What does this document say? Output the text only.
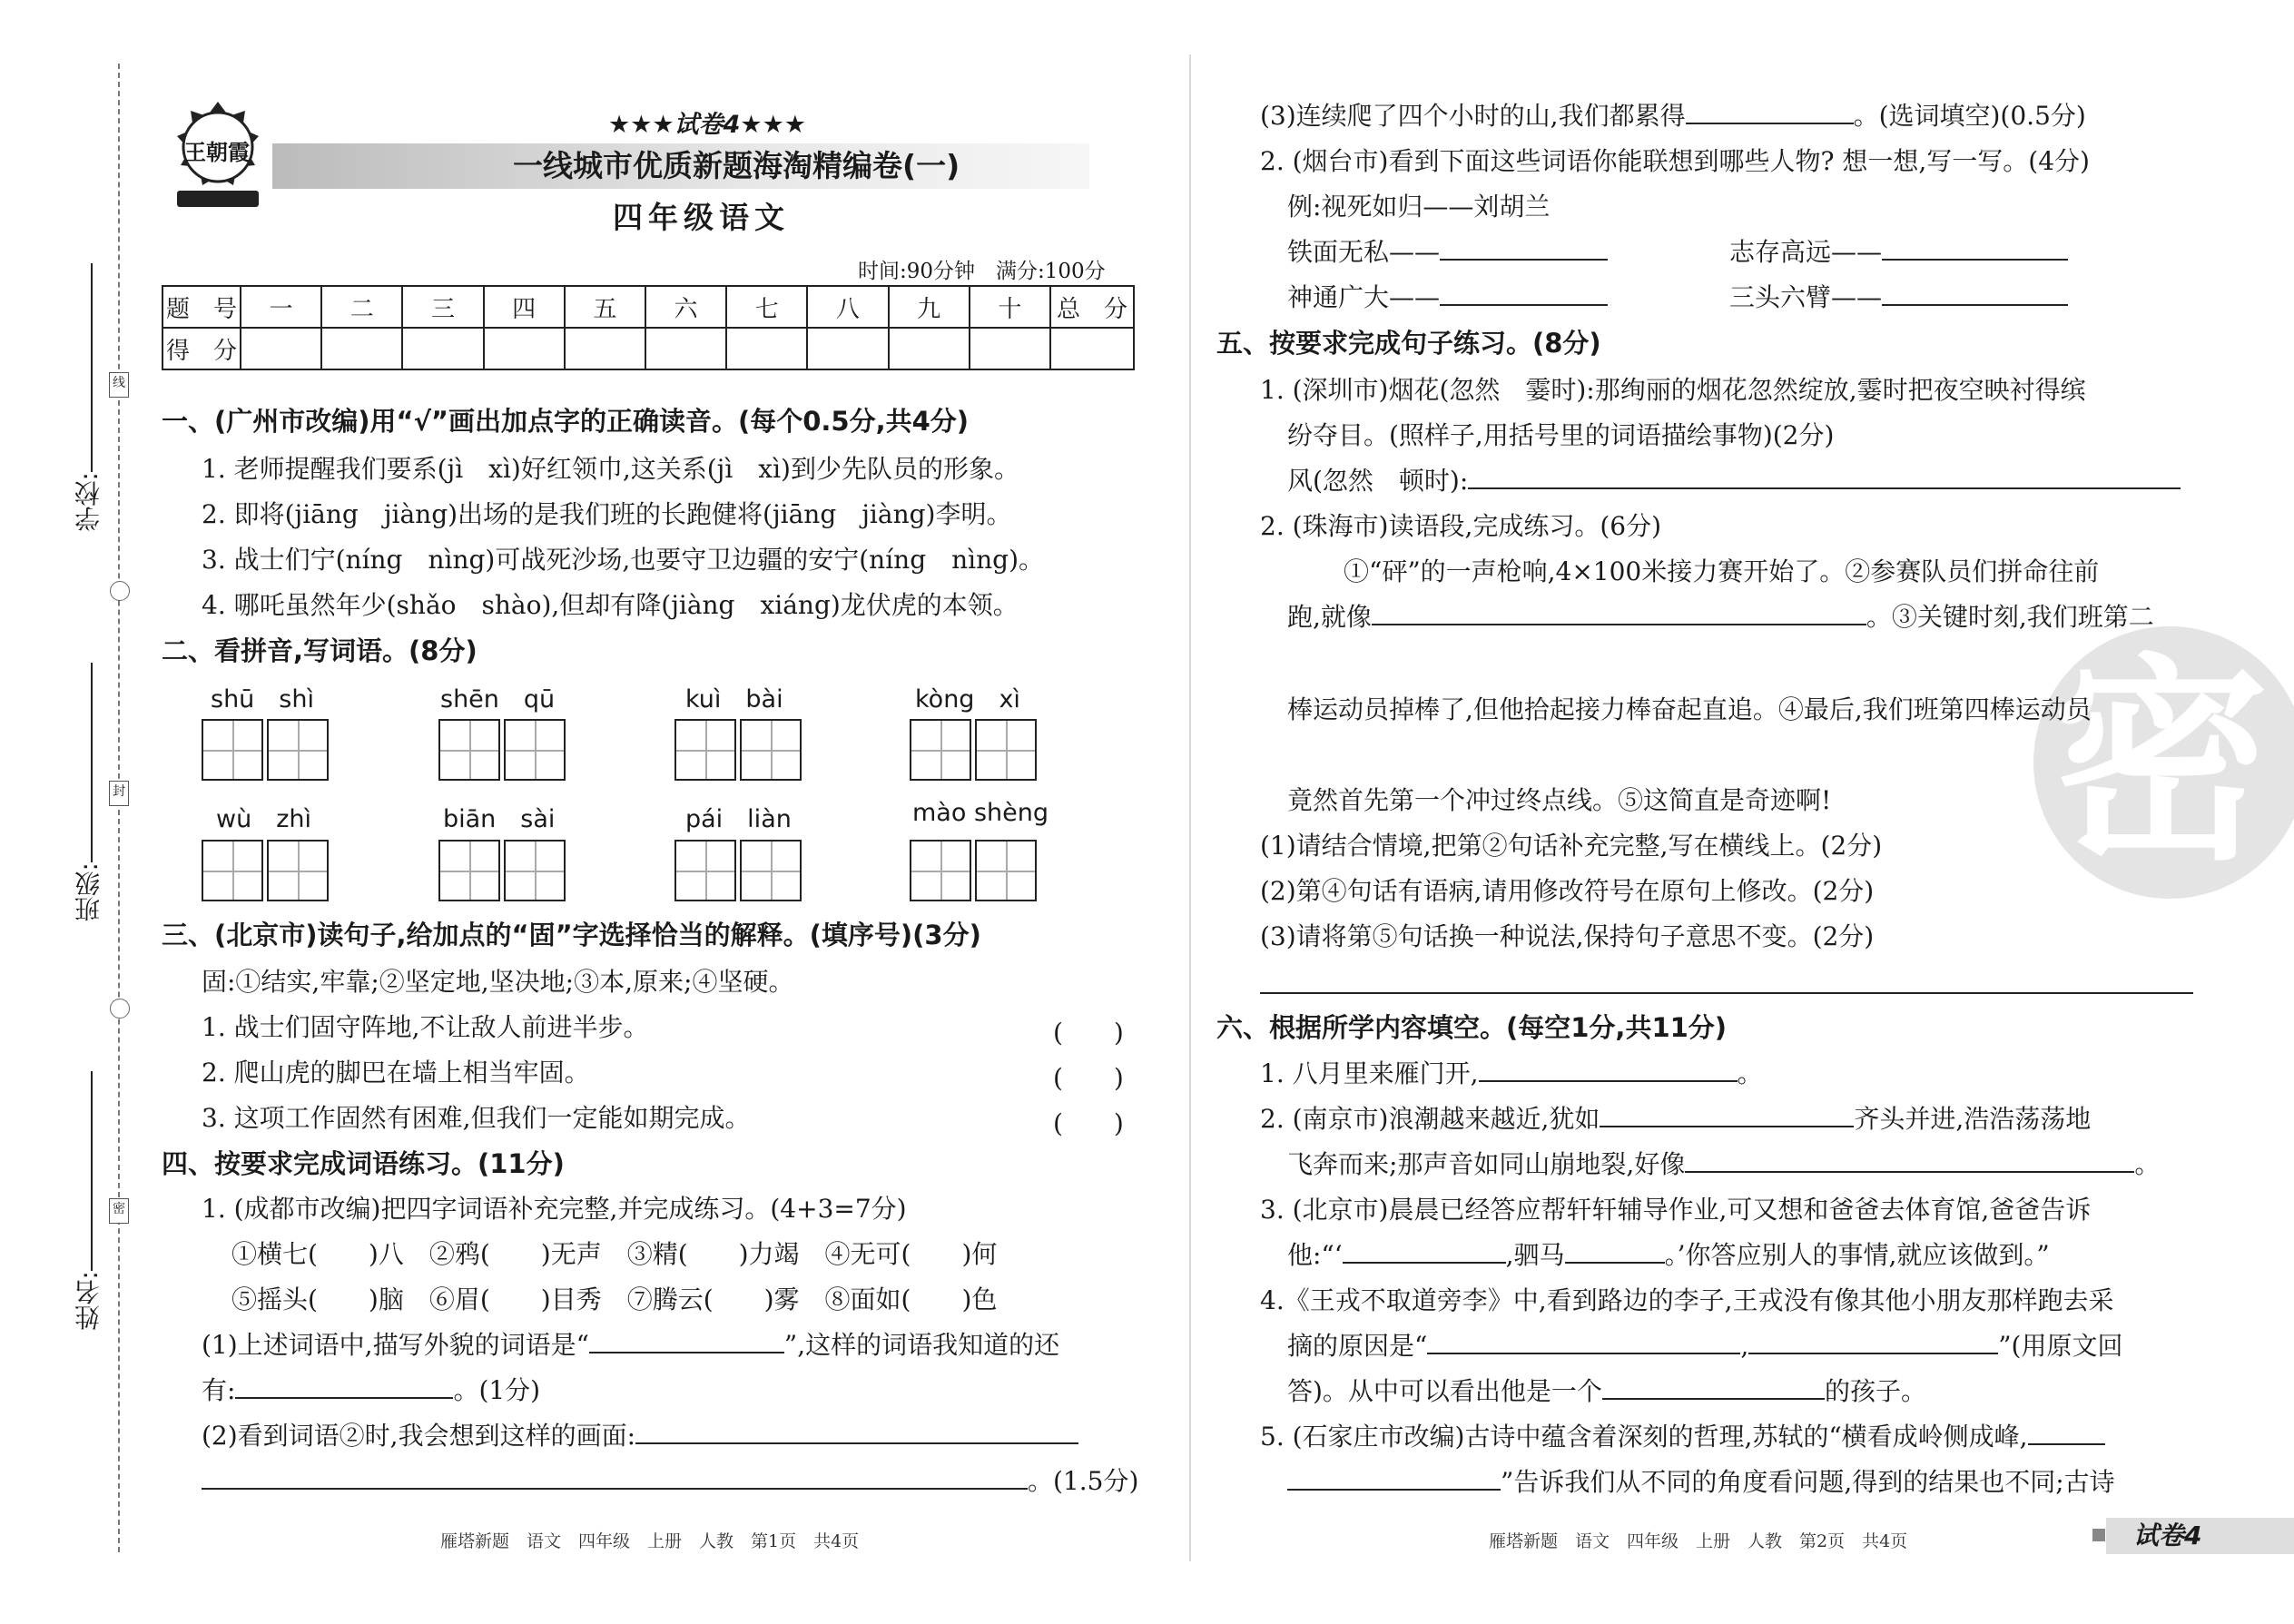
线
封
密
学校:
班级:
姓名:
王朝霞
★★★试卷4★★★
一线城市优质新题海淘精编卷(一)
四年级语文
时间:90分钟　满分:100分
题　号	一	二	三	四	五	六	七	八	九	十	总　分
得　分											
一、(广州市改编)用“√”画出加点字的正确读音。(每个0.5分,共4分)
1. 老师提醒我们要系(jì　xì)好红领巾,这关系(jì　xì)到少先队员的形象。
2. 即将(jiāng　jiàng)出场的是我们班的长跑健将(jiāng　jiàng)李明。
3. 战士们宁(níng　nìng)可战死沙场,也要守卫边疆的安宁(níng　nìng)。
4. 哪吒虽然年少(shǎo　shào),但却有降(jiàng　xiáng)龙伏虎的本领。
二、看拼音,写词语。(8分)
shū　shì	shēn　qū	kuì　bài	kòng　xì
wù　zhì	biān　sài	pái　liàn	mào shèng
三、(北京市)读句子,给加点的“固”字选择恰当的解释。(填序号)(3分)
固:①结实,牢靠;②坚定地,坚决地;③本,原来;④坚硬。
1. 战士们固守阵地,不让敌人前进半步。	(　　)
2. 爬山虎的脚巴在墙上相当牢固。	(　　)
3. 这项工作固然有困难,但我们一定能如期完成。	(　　)
四、按要求完成词语练习。(11分)
1. (成都市改编)把四字词语补充完整,并完成练习。(4+3=7分)
①横七(　　)八　②鸦(　　)无声　③精(　　)力竭　④无可(　　)何
⑤摇头(　　)脑　⑥眉(　　)目秀　⑦腾云(　　)雾　⑧面如(　　)色
(1)上述词语中,描写外貌的词语是“	”,这样的词语我知道的还
有:	。(1分)
(2)看到词语②时,我会想到这样的画面:
。(1.5分)
雁塔新题　语文　四年级　上册　人教　第1页　共4页
密
(3)连续爬了四个小时的山,我们都累得	。(选词填空)(0.5分)
2. (烟台市)看到下面这些词语你能联想到哪些人物? 想一想,写一写。(4分)
例:视死如归——刘胡兰
铁面无私——	志存高远——
神通广大——	三头六臂——
五、按要求完成句子练习。(8分)
1. (深圳市)烟花(忽然　霎时):那绚丽的烟花忽然绽放,霎时把夜空映衬得缤
纷夺目。(照样子,用括号里的词语描绘事物)(2分)
风(忽然　顿时):
2. (珠海市)读语段,完成练习。(6分)
①“砰”的一声枪响,4×100米接力赛开始了。②参赛队员们拼命往前
跑,就像	。③关键时刻,我们班第二
棒运动员掉棒了,但他拾起接力棒奋起直追。④最后,我们班第四棒运动员
竟然首先第一个冲过终点线。⑤这简直是奇迹啊!
(1)请结合情境,把第②句话补充完整,写在横线上。(2分)
(2)第④句话有语病,请用修改符号在原句上修改。(2分)
(3)请将第⑤句话换一种说法,保持句子意思不变。(2分)
六、根据所学内容填空。(每空1分,共11分)
1. 八月里来雁门开,	。
2. (南京市)浪潮越来越近,犹如	齐头并进,浩浩荡荡地
飞奔而来;那声音如同山崩地裂,好像	。
3. (北京市)晨晨已经答应帮轩轩辅导作业,可又想和爸爸去体育馆,爸爸告诉
他:“‘	,驷马	。’你答应别人的事情,就应该做到。”
4.《王戎不取道旁李》中,看到路边的李子,王戎没有像其他小朋友那样跑去采
摘的原因是“	,	”(用原文回
答)。从中可以看出他是一个	的孩子。
5. (石家庄市改编)古诗中蕴含着深刻的哲理,苏轼的“横看成岭侧成峰,
”告诉我们从不同的角度看问题,得到的结果也不同;古诗
雁塔新题　语文　四年级　上册　人教　第2页　共4页	试卷4
